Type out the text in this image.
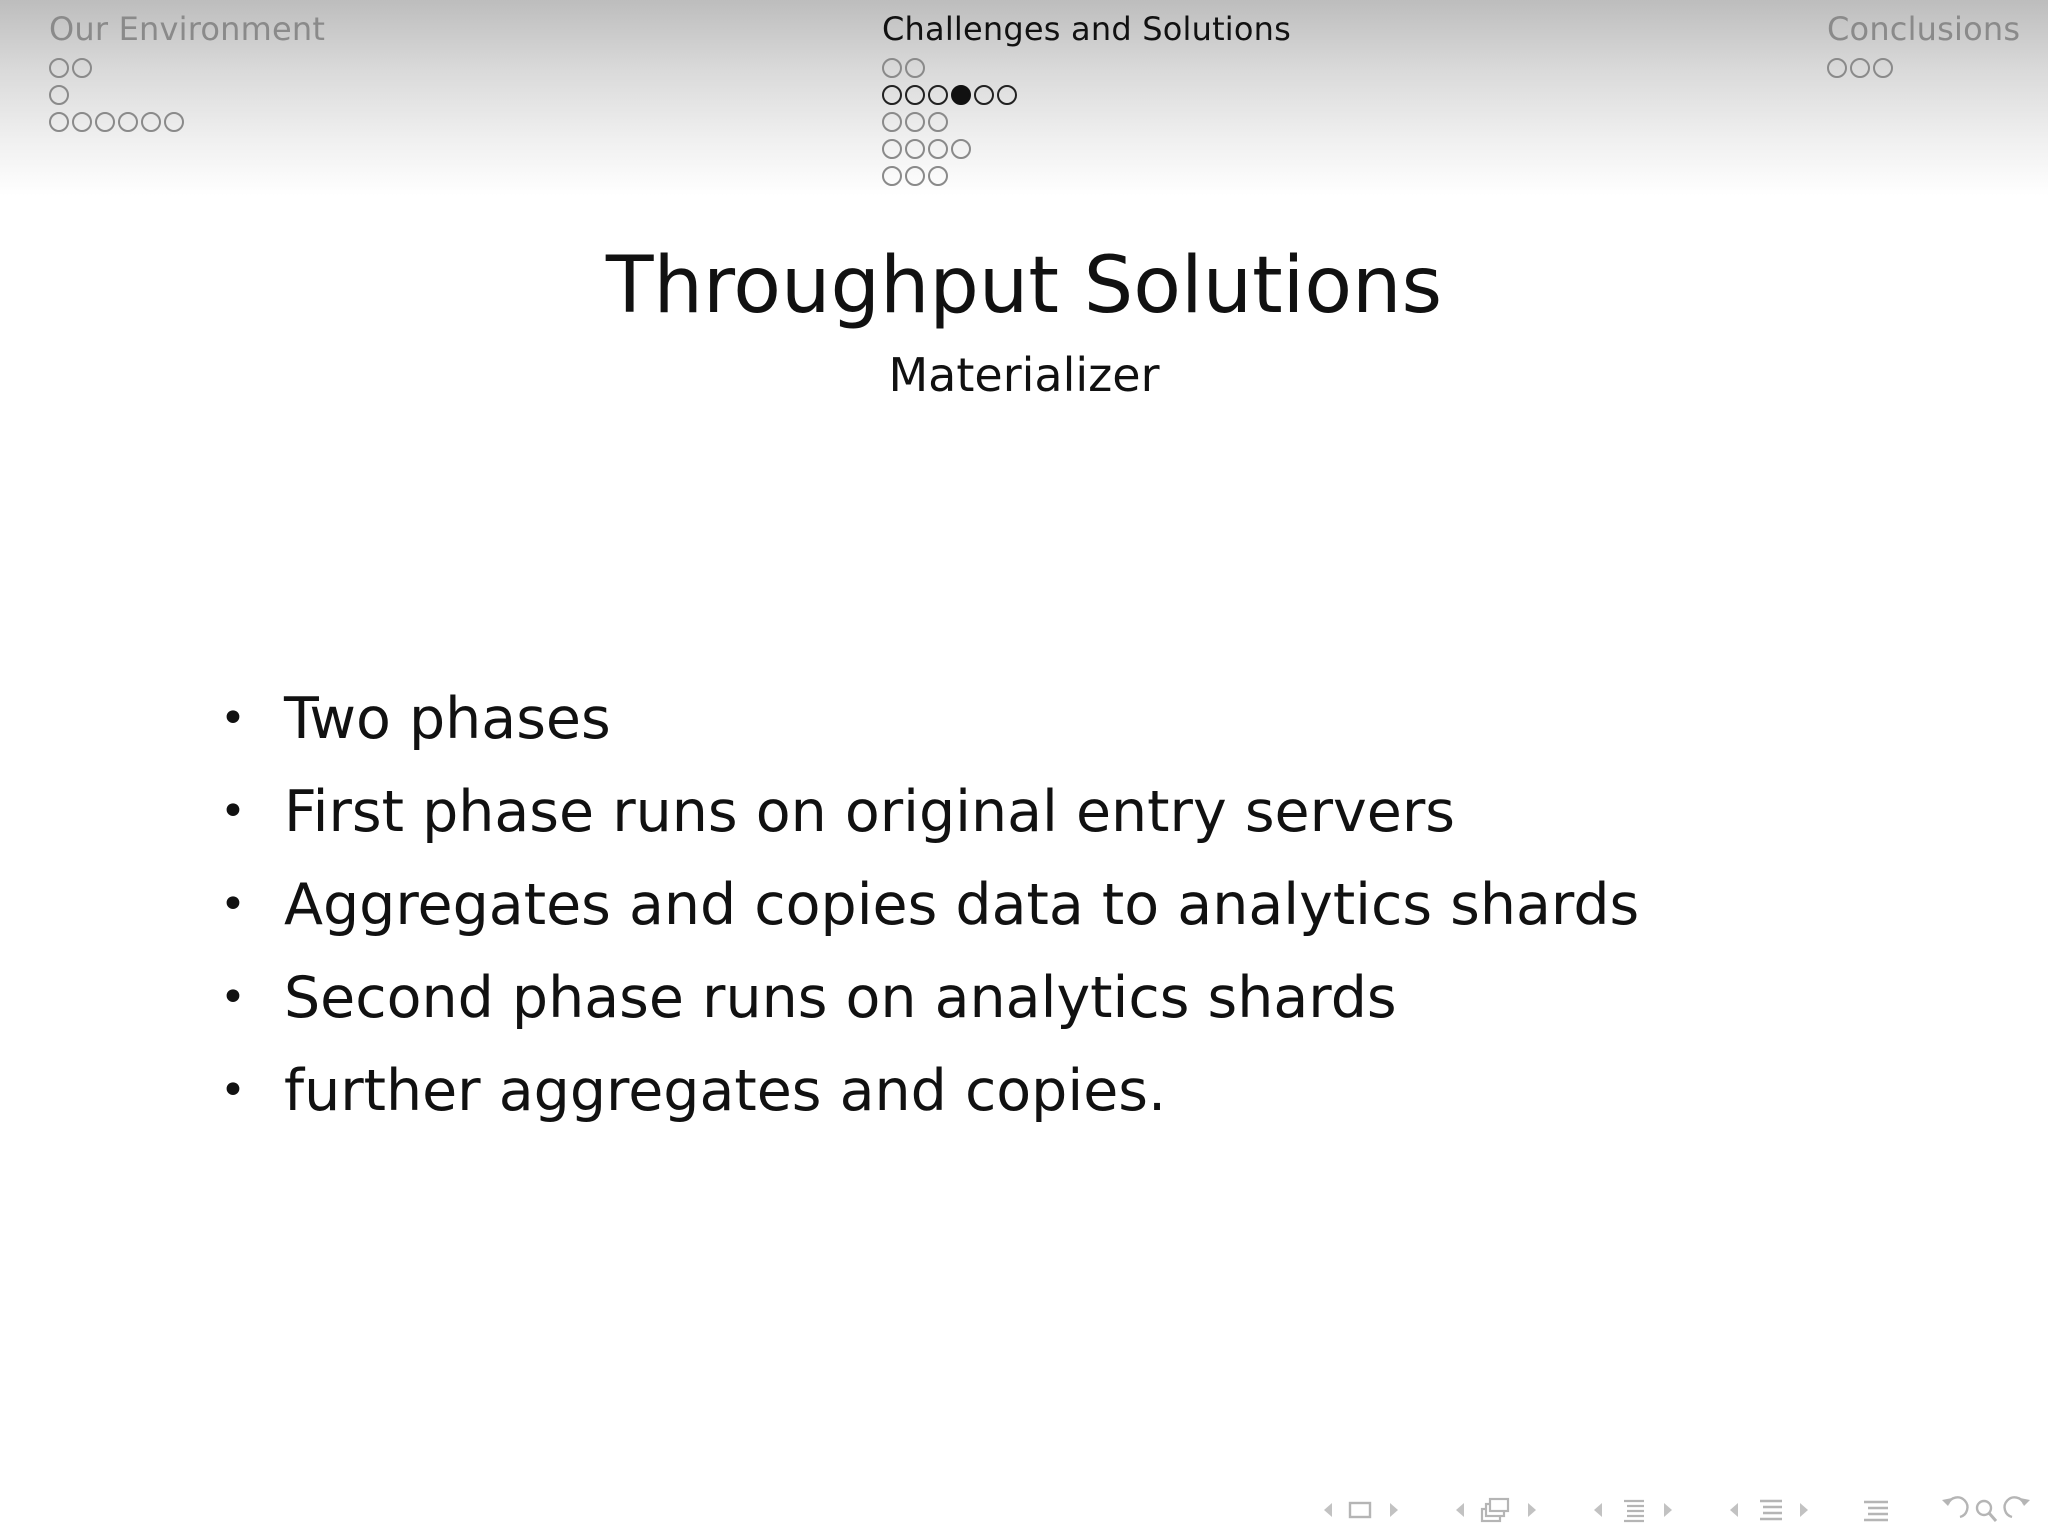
Our Environment	Challenges and Solutions	Conclusions
Throughput Solutions
Materializer
• Two phases
• First phase runs on original entry servers
• Aggregates and copies data to analytics shards
• Second phase runs on analytics shards
• further aggregates and copies.
